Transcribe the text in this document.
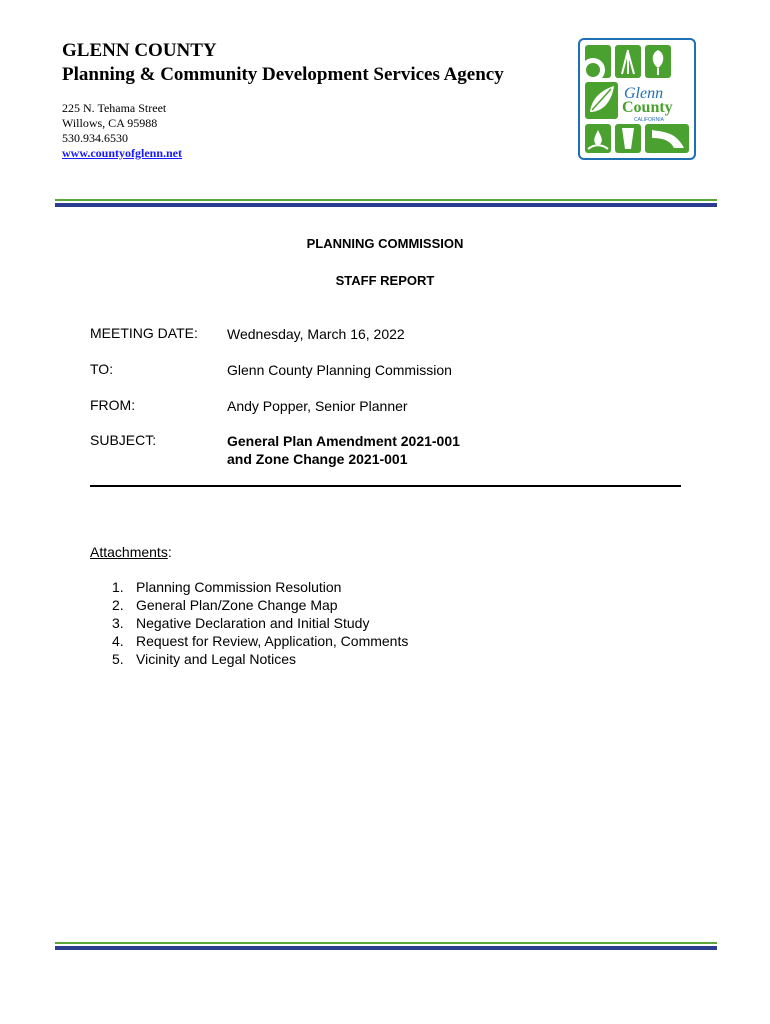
GLENN COUNTY
Planning & Community Development Services Agency
225 N. Tehama Street
Willows, CA 95988
530.934.6530
www.countyofglenn.net
Glenn
County
CALIFORNIA
PLANNING COMMISSION
STAFF REPORT
MEETING DATE: Wednesday, March 16, 2022
TO:	Glenn County Planning Commission
FROM:	Andy Popper, Senior Planner
SUBJECT:	General Plan Amendment 2021-001
and Zone Change 2021-001
Attachments:
1. Planning Commission Resolution
2. General Plan/Zone Change Map
3. Negative Declaration and Initial Study
4. Request for Review, Application, Comments
5. Vicinity and Legal Notices
